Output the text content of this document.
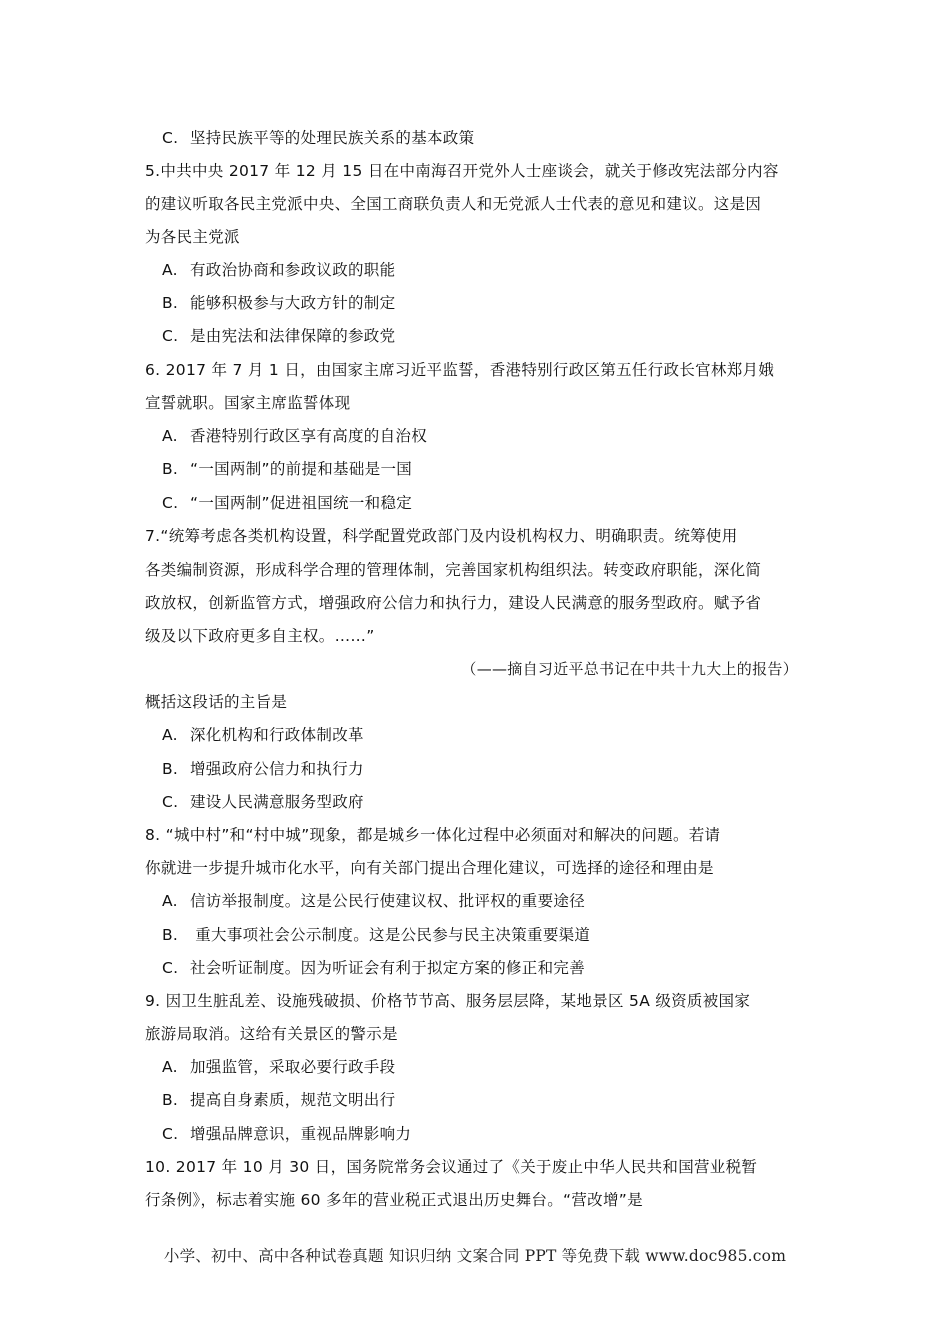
C. 坚持民族平等的处理民族关系的基本政策
5.中共中央 2017 年 12 月 15 日在中南海召开党外人士座谈会，就关于修改宪法部分内容
的建议听取各民主党派中央、全国工商联负责人和无党派人士代表的意见和建议。这是因
为各民主党派
A. 有政治协商和参政议政的职能
B. 能够积极参与大政方针的制定
C. 是由宪法和法律保障的参政党
6. 2017 年 7 月 1 日，由国家主席习近平监誓，香港特别行政区第五任行政长官林郑月娥
宣誓就职。国家主席监誓体现
A. 香港特别行政区享有高度的自治权
B. “一国两制”的前提和基础是一国
C. “一国两制”促进祖国统一和稳定
7.“统筹考虑各类机构设置，科学配置党政部门及内设机构权力、明确职责。统筹使用
各类编制资源，形成科学合理的管理体制，完善国家机构组织法。转变政府职能，深化简
政放权，创新监管方式，增强政府公信力和执行力，建设人民满意的服务型政府。赋予省
级及以下政府更多自主权。……”
（——摘自习近平总书记在中共十九大上的报告）
概括这段话的主旨是
A. 深化机构和行政体制改革
B. 增强政府公信力和执行力
C. 建设人民满意服务型政府
8. “城中村”和“村中城”现象，都是城乡一体化过程中必须面对和解决的问题。若请
你就进一步提升城市化水平，向有关部门提出合理化建议，可选择的途径和理由是
A. 信访举报制度。这是公民行使建议权、批评权的重要途径
B. 重大事项社会公示制度。这是公民参与民主决策重要渠道
C. 社会听证制度。因为听证会有利于拟定方案的修正和完善
9. 因卫生脏乱差、设施残破损、价格节节高、服务层层降，某地景区 5A 级资质被国家
旅游局取消。这给有关景区的警示是
A. 加强监管，采取必要行政手段
B. 提高自身素质，规范文明出行
C. 增强品牌意识，重视品牌影响力
10. 2017 年 10 月 30 日，国务院常务会议通过了《关于废止中华人民共和国营业税暂
行条例》，标志着实施 60 多年的营业税正式退出历史舞台。“营改增”是
小学、初中、高中各种试卷真题 知识归纳 文案合同 PPT 等免费下载 www.doc985.com
